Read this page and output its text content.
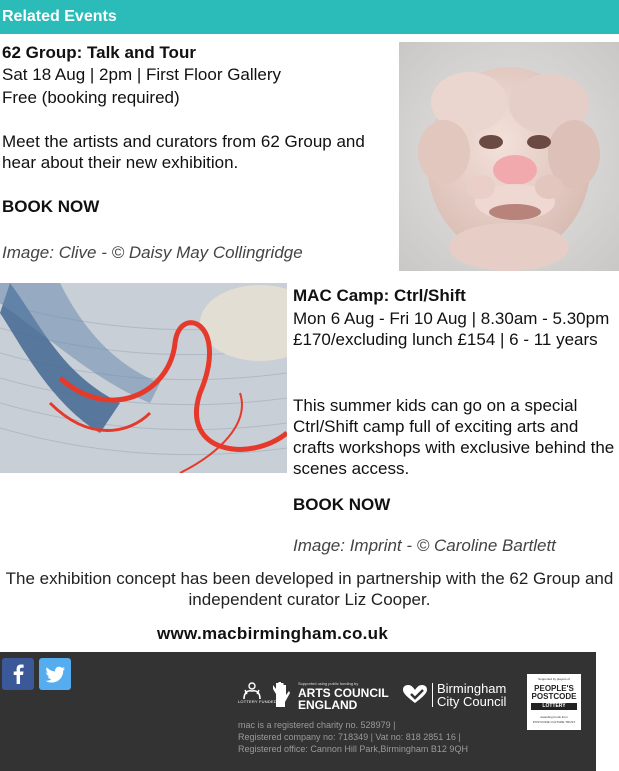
Related Events
62 Group: Talk and Tour
Sat 18 Aug | 2pm | First Floor Gallery
Free (booking required)
Meet the artists and curators from 62 Group and hear about their new exhibition.
BOOK NOW
Image: Clive - © Daisy May Collingridge
MAC Camp: Ctrl/Shift
Mon 6 Aug - Fri 10 Aug | 8.30am - 5.30pm £170/excluding lunch £154 | 6 - 11 years
This summer kids can go on a special Ctrl/Shift camp full of exciting arts and crafts workshops with exclusive behind the scenes access.
BOOK NOW
Image: Imprint - © Caroline Bartlett
The exhibition concept has been developed in partnership with the 62 Group and independent curator Liz Cooper.
www.macbirmingham.co.uk
LOTTERY FUNDED
Supported using public funding by
ARTS COUNCIL
ENGLAND
Birmingham
City Council
mac is a registered charity no. 528979 |
Registered company no: 718349 | Vat no: 818 2851 16 |
Registered office: Cannon Hill Park,Birmingham B12 9QH
Supported by players of
PEOPLE'S
POSTCODE
LOTTERY
Awarding funds from
POSTCODE CULTURE TRUST
